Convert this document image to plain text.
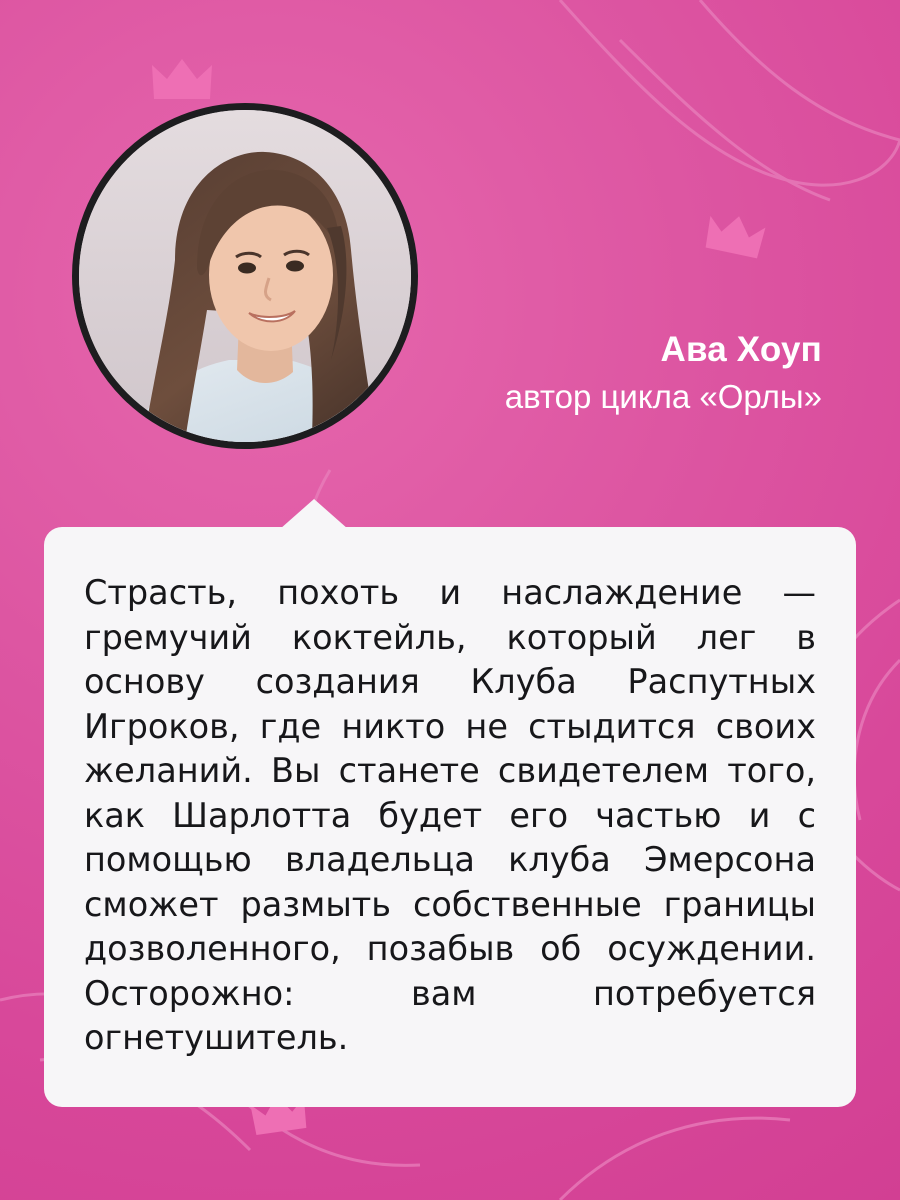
Ава Хоуп

автор цикла «Орлы»

Страсть, похоть и наслаждение — гремучий коктейль, который лег в основу создания Клуба Распутных Игроков, где никто не стыдится своих желаний. Вы станете свидетелем того, как Шарлотта будет его частью и с помощью владельца клуба Эмерсона сможет размыть собственные границы дозволенного, позабыв об осуждении. Осторожно: вам потребуется огнетушитель.
